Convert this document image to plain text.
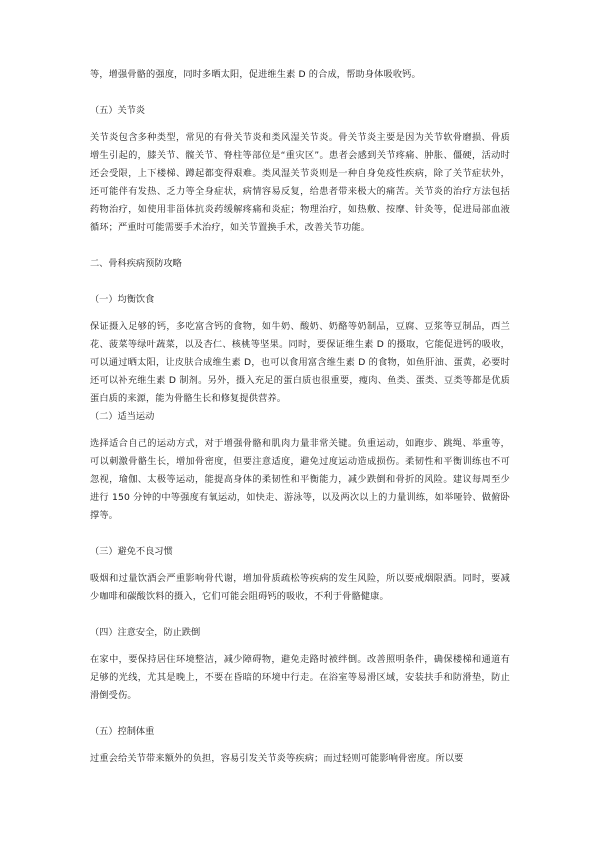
等，增强骨骼的强度，同时多晒太阳，促进维生素 D 的合成，帮助身体吸收钙。

（五）关节炎

关节炎包含多种类型，常见的有骨关节炎和类风湿关节炎。骨关节炎主要是因为关节软骨磨损、骨质增生引起的，膝关节、髋关节、脊柱等部位是“重灾区”。患者会感到关节疼痛、肿胀、僵硬，活动时还会受限，上下楼梯、蹲起都变得艰难。类风湿关节炎则是一种自身免疫性疾病，除了关节症状外，还可能伴有发热、乏力等全身症状，病情容易反复，给患者带来极大的痛苦。关节炎的治疗方法包括药物治疗，如使用非甾体抗炎药缓解疼痛和炎症；物理治疗，如热敷、按摩、针灸等，促进局部血液循环；严重时可能需要手术治疗，如关节置换手术，改善关节功能。

二、骨科疾病预防攻略

（一）均衡饮食

保证摄入足够的钙，多吃富含钙的食物，如牛奶、酸奶、奶酪等奶制品，豆腐、豆浆等豆制品，西兰花、菠菜等绿叶蔬菜，以及杏仁、核桃等坚果。同时，要保证维生素 D 的摄取，它能促进钙的吸收，可以通过晒太阳，让皮肤合成维生素 D，也可以食用富含维生素 D 的食物，如鱼肝油、蛋黄，必要时还可以补充维生素 D 制剂。另外，摄入充足的蛋白质也很重要，瘦肉、鱼类、蛋类、豆类等都是优质蛋白质的来源，能为骨骼生长和修复提供营养。

（二）适当运动

选择适合自己的运动方式，对于增强骨骼和肌肉力量非常关键。负重运动，如跑步、跳绳、举重等，可以刺激骨骼生长，增加骨密度，但要注意适度，避免过度运动造成损伤。柔韧性和平衡训练也不可忽视，瑜伽、太极等运动，能提高身体的柔韧性和平衡能力，减少跌倒和骨折的风险。建议每周至少进行 150 分钟的中等强度有氧运动，如快走、游泳等，以及两次以上的力量训练，如举哑铃、做俯卧撑等。

（三）避免不良习惯

吸烟和过量饮酒会严重影响骨代谢，增加骨质疏松等疾病的发生风险，所以要戒烟限酒。同时，要减少咖啡和碳酸饮料的摄入，它们可能会阻碍钙的吸收，不利于骨骼健康。

（四）注意安全，防止跌倒

在家中，要保持居住环境整洁，减少障碍物，避免走路时被绊倒。改善照明条件，确保楼梯和通道有足够的光线，尤其是晚上，不要在昏暗的环境中行走。在浴室等易滑区域，安装扶手和防滑垫，防止滑倒受伤。

（五）控制体重

过重会给关节带来额外的负担，容易引发关节炎等疾病；而过轻则可能影响骨密度。所以要
